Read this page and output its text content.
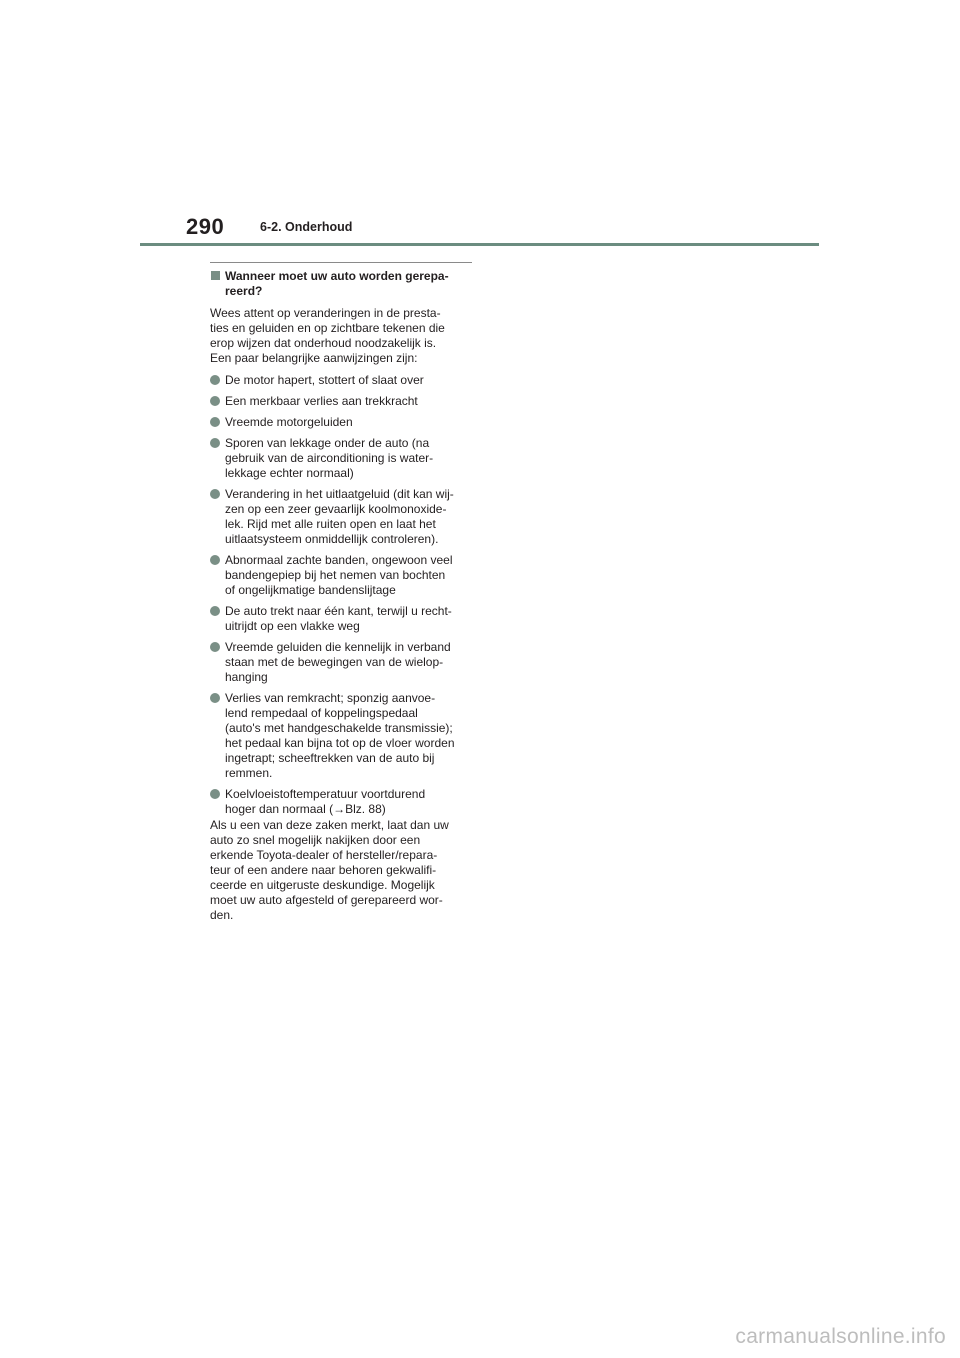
290	6-2. Onderhoud
Wanneer moet uw auto worden gerepa-
reerd?

Wees attent op veranderingen in de presta-
ties en geluiden en op zichtbare tekenen die
erop wijzen dat onderhoud noodzakelijk is.
Een paar belangrijke aanwijzingen zijn:

De motor hapert, stottert of slaat over
Een merkbaar verlies aan trekkracht
Vreemde motorgeluiden
Sporen van lekkage onder de auto (na
gebruik van de airconditioning is water-
lekkage echter normaal)
Verandering in het uitlaatgeluid (dit kan wij-
zen op een zeer gevaarlijk koolmonoxide-
lek. Rijd met alle ruiten open en laat het
uitlaatsysteem onmiddellijk controleren).
Abnormaal zachte banden, ongewoon veel
bandengepiep bij het nemen van bochten
of ongelijkmatige bandenslijtage
De auto trekt naar één kant, terwijl u recht-
uitrijdt op een vlakke weg
Vreemde geluiden die kennelijk in verband
staan met de bewegingen van de wielop-
hanging
Verlies van remkracht; sponzig aanvoe-
lend rempedaal of koppelingspedaal
(auto's met handgeschakelde transmissie);
het pedaal kan bijna tot op de vloer worden
ingetrapt; scheeftrekken van de auto bij
remmen.
Koelvloeistoftemperatuur voortdurend
hoger dan normaal (→Blz. 88)

Als u een van deze zaken merkt, laat dan uw
auto zo snel mogelijk nakijken door een
erkende Toyota-dealer of hersteller/repara-
teur of een andere naar behoren gekwalifi-
ceerde en uitgeruste deskundige. Mogelijk
moet uw auto afgesteld of gerepareerd wor-
den.

carmanualsonline.info
